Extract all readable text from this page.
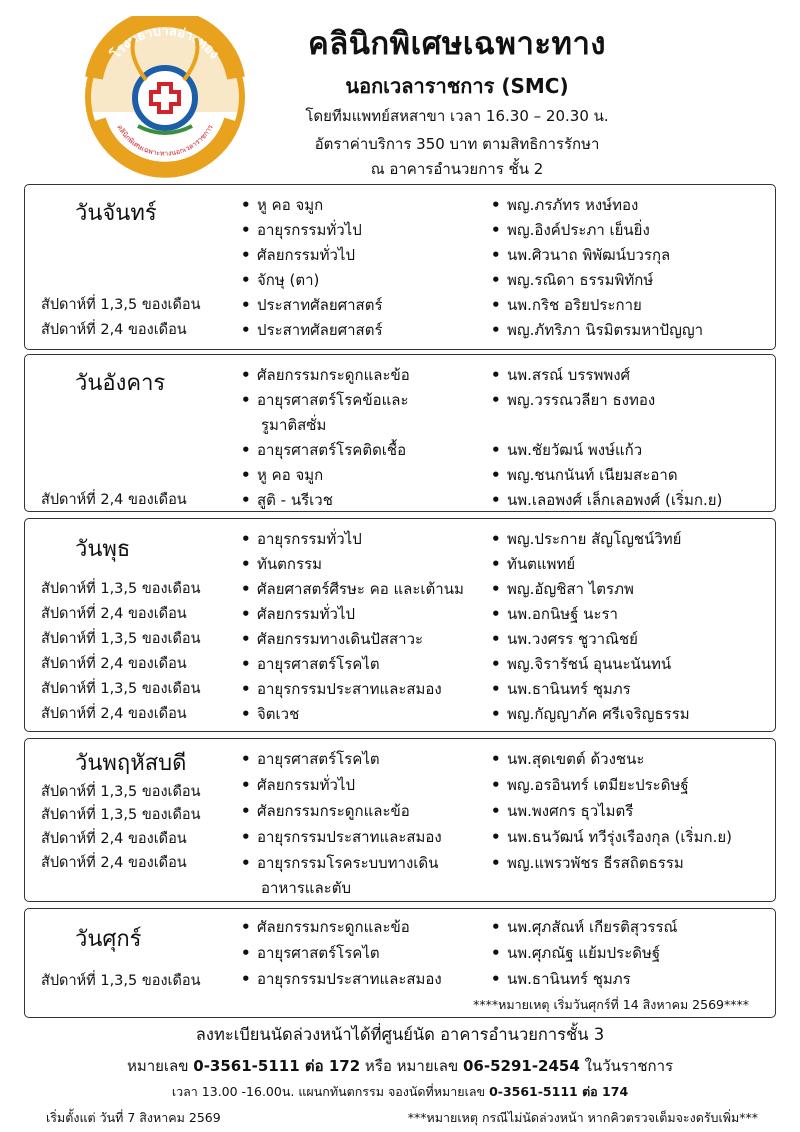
โรงพยาบาลอ่างทอง
คลินิกพิเศษเฉพาะทางนอกเวลาราชการ
คลินิกพิเศษเฉพาะทาง
นอกเวลาราชการ (SMC)
โดยทีมแพทย์สหสาขา เวลา 16.30 – 20.30 น.
อัตราค่าบริการ 350 บาท ตามสิทธิการรักษา
ณ อาคารอำนวยการ ชั้น 2
วันจันทร์	• หู คอ จมูก	• พญ.ภรภัทร หงษ์ทอง
• อายุรกรรมทั่วไป	• พญ.อิงค์ประภา เย็นยิ่ง
• ศัลยกรรมทั่วไป	• นพ.ศิวนาถ พิพัฒน์บวรกุล
• จักษุ (ตา)	• พญ.รณิดา ธรรมพิทักษ์
สัปดาห์ที่ 1,3,5 ของเดือน	• ประสาทศัลยศาสตร์	• นพ.กริช อริยประกาย
สัปดาห์ที่ 2,4 ของเดือน	• ประสาทศัลยศาสตร์	• พญ.ภัทริภา นิรมิตรมหาปัญญา
วันอังคาร	• ศัลยกรรมกระดูกและข้อ	• นพ.สรณ์ บรรพพงศ์
• อายุรศาสตร์โรคข้อและ	• พญ.วรรณวลียา ธงทอง
รูมาติสซั่ม
• อายุรศาสตร์โรคติดเชื้อ	• นพ.ชัยวัฒน์ พงษ์แก้ว
• หู คอ จมูก	• พญ.ชนกนันท์ เนียมสะอาด
สัปดาห์ที่ 2,4 ของเดือน	• สูติ - นรีเวช	• นพ.เลอพงศ์ เล็กเลอพงศ์ (เริ่มก.ย)
วันพุธ	• อายุรกรรมทั่วไป	• พญ.ประกาย สัญโญชน์วิทย์
• ทันตกรรม	• ทันตแพทย์
สัปดาห์ที่ 1,3,5 ของเดือน	• ศัลยศาสตร์ศีรษะ คอ และเต้านม • พญ.อัญชิสา ไตรภพ
สัปดาห์ที่ 2,4 ของเดือน	• ศัลยกรรมทั่วไป	• นพ.อกนิษฐ์ นะรา
สัปดาห์ที่ 1,3,5 ของเดือน	• ศัลยกรรมทางเดินปัสสาวะ	• นพ.วงศรร ชูวาณิชย์
สัปดาห์ที่ 2,4 ของเดือน	• อายุรศาสตร์โรคไต	• พญ.จิรารัชน์ อุนนะนันทน์
สัปดาห์ที่ 1,3,5 ของเดือน	• อายุรกรรมประสาทและสมอง	• นพ.ธานินทร์ ชุมภร
สัปดาห์ที่ 2,4 ของเดือน	• จิตเวช	• พญ.กัญญาภัค ศรีเจริญธรรม
วันพฤหัสบดี	• อายุรศาสตร์โรคไต	• นพ.สุดเขตต์ ด้วงชนะ
สัปดาห์ที่ 1,3,5 ของเดือน	• ศัลยกรรมทั่วไป	• พญ.อรอินทร์ เตมียะประดิษฐ์
สัปดาห์ที่ 1,3,5 ของเดือน	• ศัลยกรรมกระดูกและข้อ	• นพ.พงศกร ธุวไมตรี
สัปดาห์ที่ 2,4 ของเดือน	• อายุรกรรมประสาทและสมอง	• นพ.ธนวัฒน์ ทวีรุ่งเรืองกุล (เริ่มก.ย)
สัปดาห์ที่ 2,4 ของเดือน	• อายุรกรรมโรคระบบทางเดิน	• พญ.แพรวพัชร ธีรสถิตธรรม
อาหารและตับ
วันศุกร์	• ศัลยกรรมกระดูกและข้อ	• นพ.ศุภสัณห์ เกียรติสุวรรณ์
• อายุรศาสตร์โรคไต	• นพ.ศุภณัฐ แย้มประดิษฐ์
สัปดาห์ที่ 1,3,5 ของเดือน	• อายุรกรรมประสาทและสมอง	• นพ.ธานินทร์ ชุมภร
****หมายเหตุ เริ่มวันศุกร์ที่ 14 สิงหาคม 2569****
ลงทะเบียนนัดล่วงหน้าได้ที่ศูนย์นัด อาคารอำนวยการชั้น 3
หมายเลข 0-3561-5111 ต่อ 172 หรือ หมายเลข 06-5291-2454 ในวันราชการ
เวลา 13.00 -16.00น. แผนกทันตกรรม จองนัดที่หมายเลข 0-3561-5111 ต่อ 174
เริ่มตั้งแต่ วันที่ 7 สิงหาคม 2569	***หมายเหตุ กรณีไม่นัดล่วงหน้า หากคิวตรวจเต็มจะงดรับเพิ่ม***
